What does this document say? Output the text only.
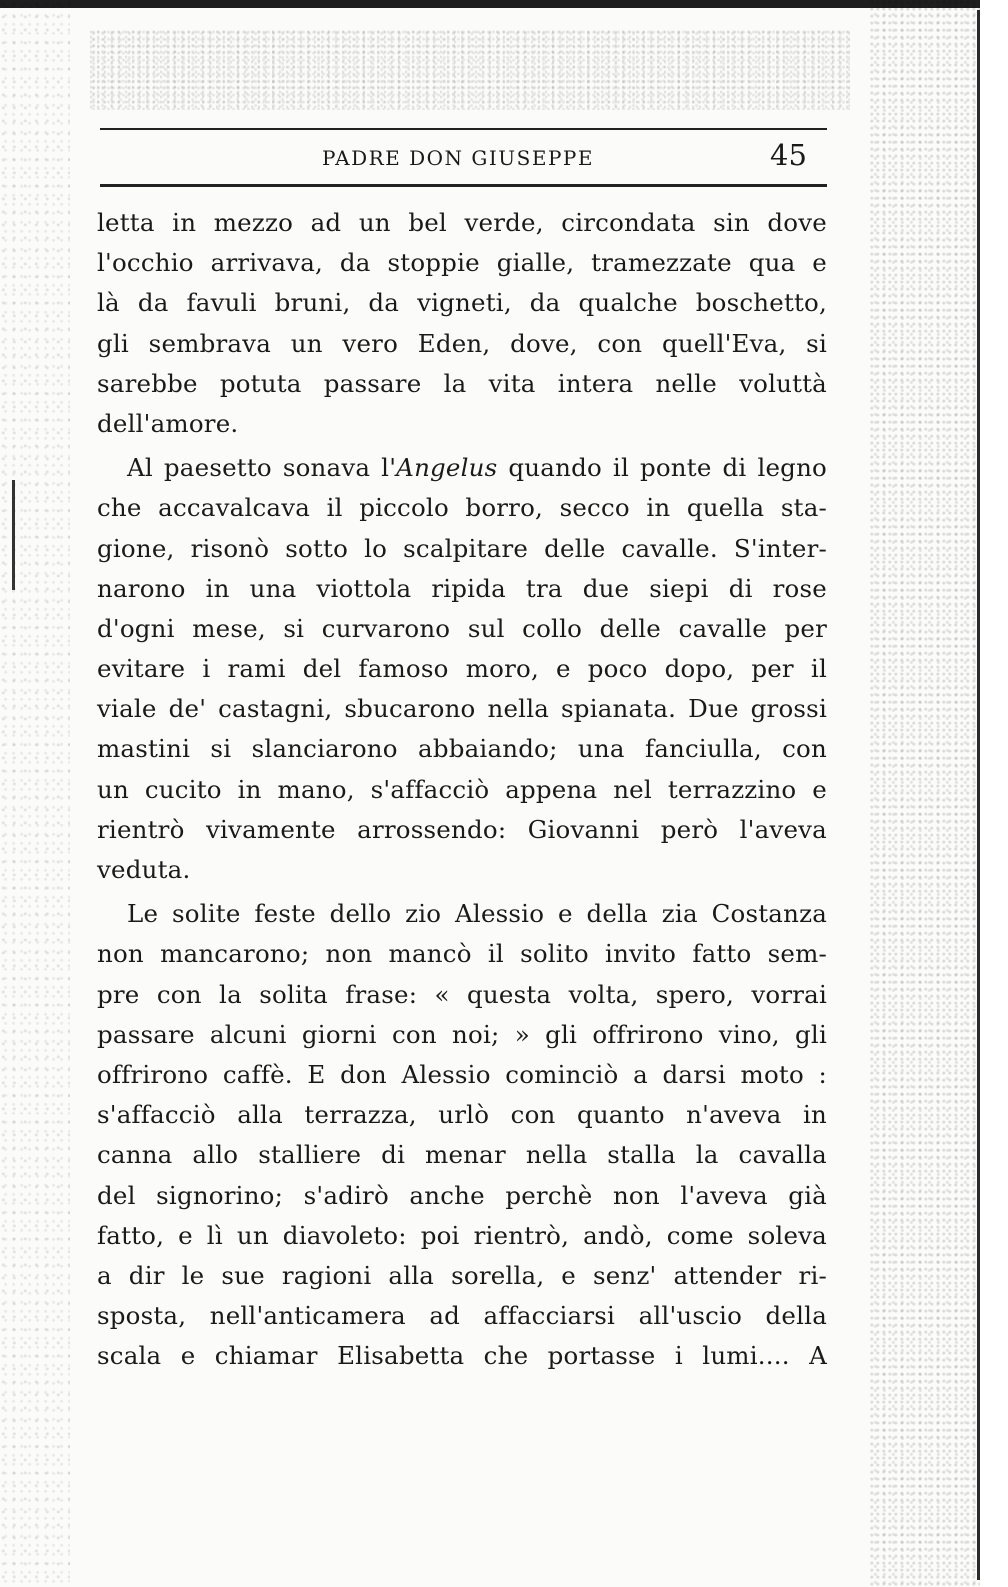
PADRE DON GIUSEPPE	45
letta in mezzo ad un bel verde, circondata sin dove
l'occhio arrivava, da stoppie gialle, tramezzate qua e
là da favuli bruni, da vigneti, da qualche boschetto,
gli sembrava un vero Eden, dove, con quell'Eva, si
sarebbe potuta passare la vita intera nelle voluttà
dell'amore.
Al paesetto sonava l'Angelus quando il ponte di legno
che accavalcava il piccolo borro, secco in quella sta-
gione, risonò sotto lo scalpitare delle cavalle. S'inter-
narono in una viottola ripida tra due siepi di rose
d'ogni mese, si curvarono sul collo delle cavalle per
evitare i rami del famoso moro, e poco dopo, per il
viale de' castagni, sbucarono nella spianata. Due grossi
mastini si slanciarono abbaiando; una fanciulla, con
un cucito in mano, s'affacciò appena nel terrazzino e
rientrò vivamente arrossendo: Giovanni però l'aveva
veduta.
Le solite feste dello zio Alessio e della zia Costanza
non mancarono; non mancò il solito invito fatto sem-
pre con la solita frase: « questa volta, spero, vorrai
passare alcuni giorni con noi; » gli offrirono vino, gli
offrirono caffè. E don Alessio cominciò a darsi moto :
s'affacciò alla terrazza, urlò con quanto n'aveva in
canna allo stalliere di menar nella stalla la cavalla
del signorino; s'adirò anche perchè non l'aveva già
fatto, e lì un diavoleto: poi rientrò, andò, come soleva
a dir le sue ragioni alla sorella, e senz' attender ri-
sposta, nell'anticamera ad affacciarsi all'uscio della
scala e chiamar Elisabetta che portasse i lumi.... A
